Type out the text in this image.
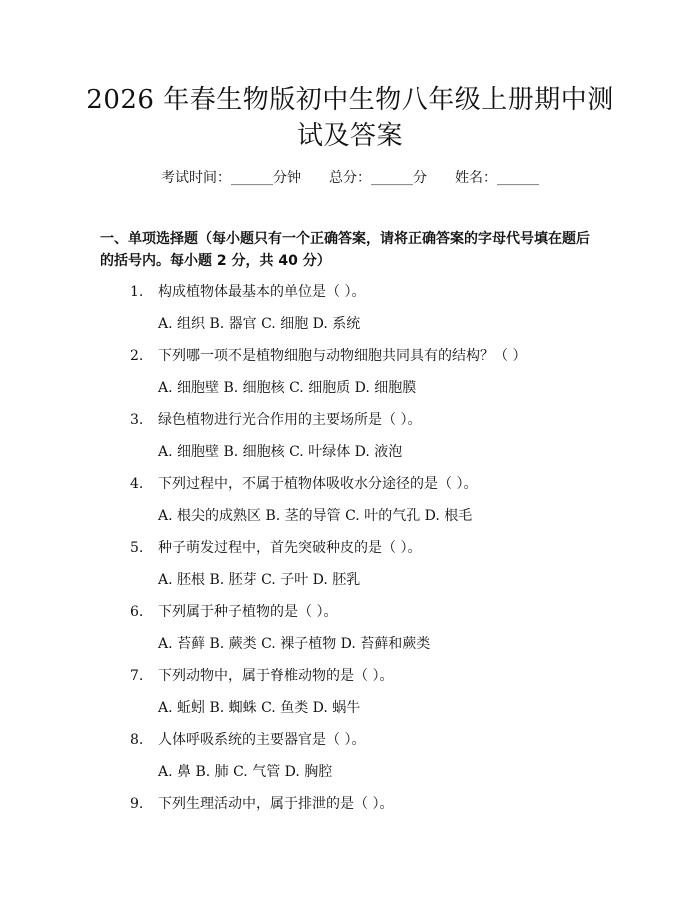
2026 年春生物版初中生物八年级上册期中测
试及答案
考试时间：______分钟 总分：______分 姓名：______
一、单项选择题（每小题只有一个正确答案，请将正确答案的字母代号填在题后
的括号内。每小题 2 分，共 40 分）
1. 构成植物体最基本的单位是（ ）。
A. 组织 B. 器官 C. 细胞 D. 系统
2. 下列哪一项不是植物细胞与动物细胞共同具有的结构？（ ）
A. 细胞壁 B. 细胞核 C. 细胞质 D. 细胞膜
3. 绿色植物进行光合作用的主要场所是（ ）。
A. 细胞壁 B. 细胞核 C. 叶绿体 D. 液泡
4. 下列过程中，不属于植物体吸收水分途径的是（ ）。
A. 根尖的成熟区 B. 茎的导管 C. 叶的气孔 D. 根毛
5. 种子萌发过程中，首先突破种皮的是（ ）。
A. 胚根 B. 胚芽 C. 子叶 D. 胚乳
6. 下列属于种子植物的是（ ）。
A. 苔藓 B. 蕨类 C. 裸子植物 D. 苔藓和蕨类
7. 下列动物中，属于脊椎动物的是（ ）。
A. 蚯蚓 B. 蜘蛛 C. 鱼类 D. 蜗牛
8. 人体呼吸系统的主要器官是（ ）。
A. 鼻 B. 肺 C. 气管 D. 胸腔
9. 下列生理活动中，属于排泄的是（ ）。
